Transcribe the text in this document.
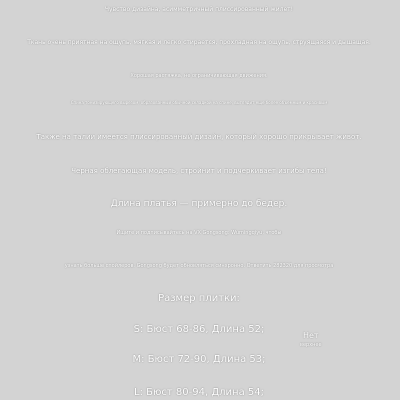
Чувство дизайна, асимметричный плиссированный жилет!
Ткань очень приятная на ощупь, мягкая и легко стирается, прохладная на ощупь, струящаяся и дышащая.
Хорошая растяжка, не ограничивающая движения.
Спина тонизирующего вырезом, образованный обычной складкой на спине, выглядит еще более объемным и красивым
Также на талии имеется плиссированный дизайн, который хорошо прикрывает живот.
Черная облегающая модель, стройнит и подчеркивает изгибы тела!
Длина платья — примерно до бедер.
Ищите и подписывайтесь на VX Gongsong: Wumingqiyu, чтобы
узнать больше спойлеров. Gongsong будет обновляться синхронно. Ответить 282320 для просмотра
Размер плитки:
S: Бюст 68-86, Длина 52;
M: Бюст 72-90, Длина 53;
L: Бюст 80-94, Длина 54;
Нет
верхнее
